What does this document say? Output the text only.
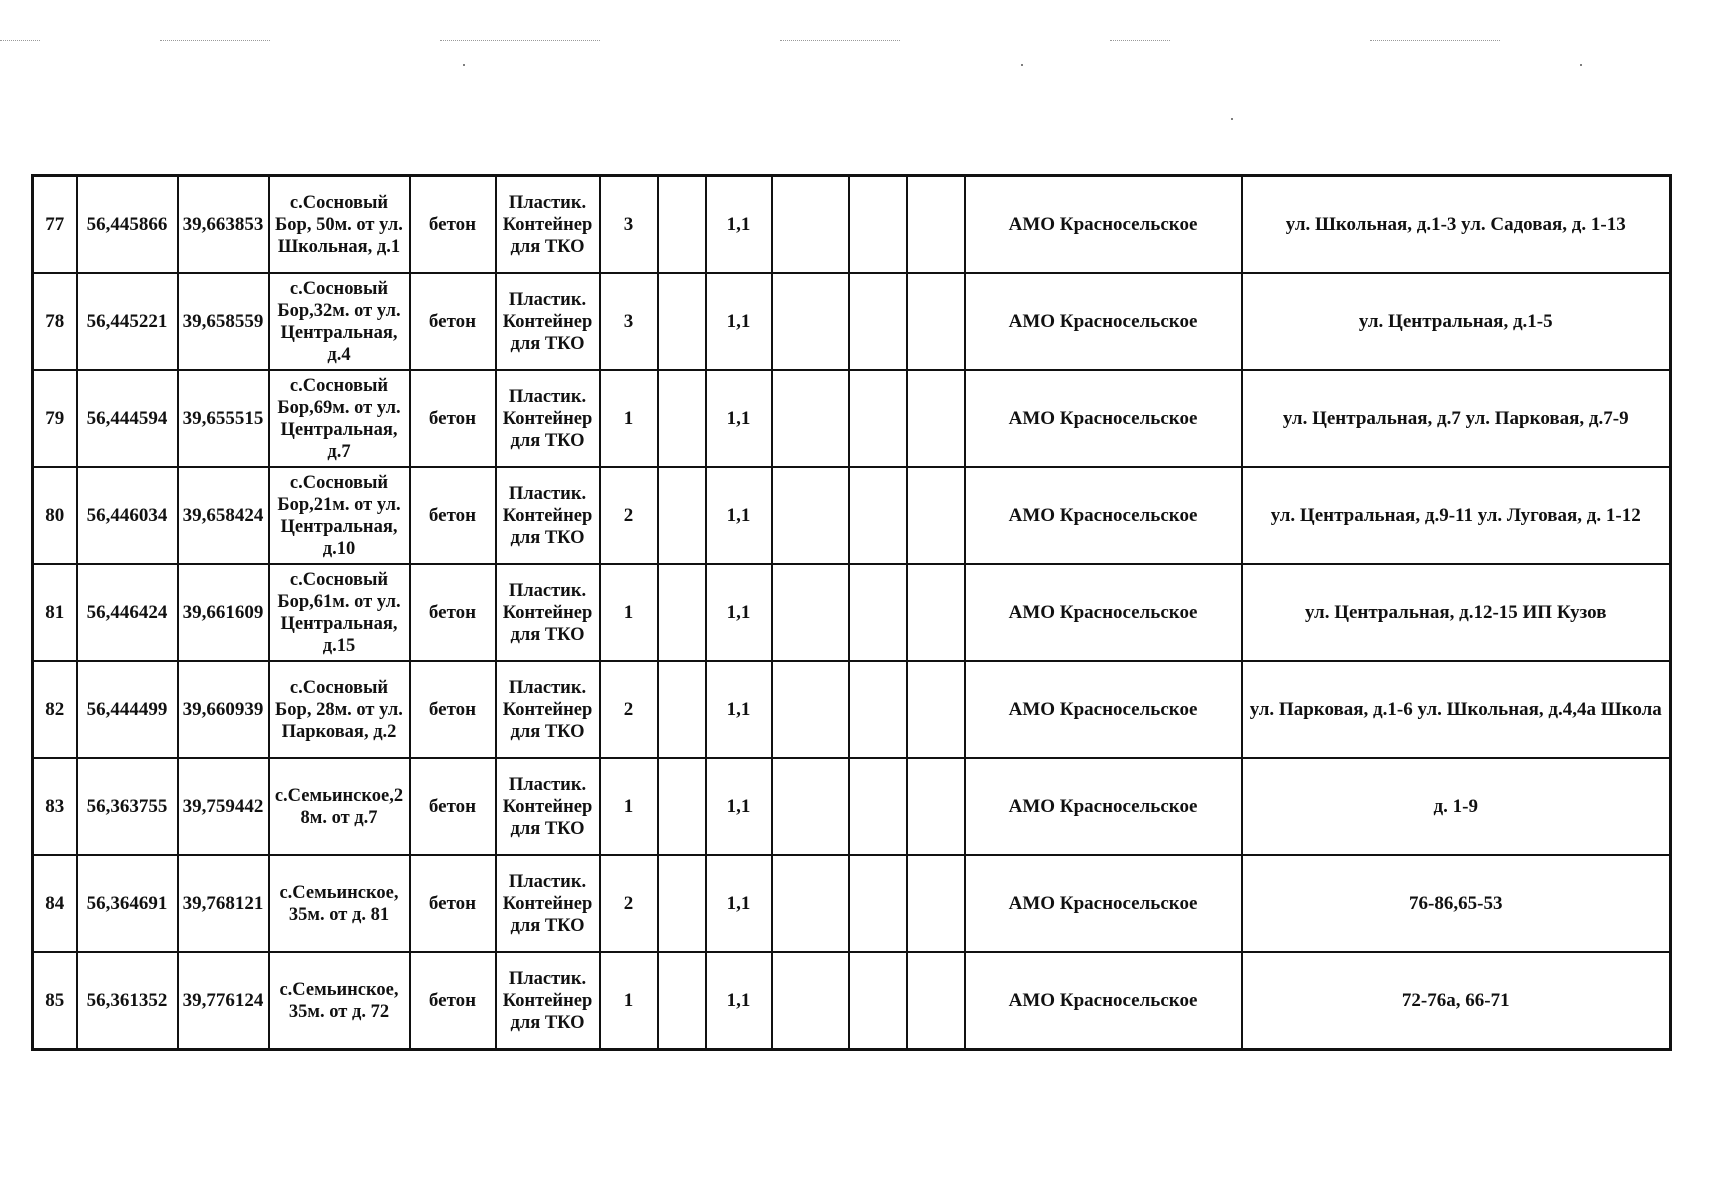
77	56,445866	39,663853	с.Сосновый Бор, 50м. от ул. Школьная, д.1	бетон	Пластик. Контейнер для ТКО	3		1,1				АМО Красносельское	ул. Школьная, д.1-3 ул. Садовая, д. 1-13
78	56,445221	39,658559	с.Сосновый Бор,32м. от ул. Центральная, д.4	бетон	Пластик. Контейнер для ТКО	3		1,1				АМО Красносельское	ул. Центральная, д.1-5
79	56,444594	39,655515	с.Сосновый Бор,69м. от ул. Центральная, д.7	бетон	Пластик. Контейнер для ТКО	1		1,1				АМО Красносельское	ул. Центральная, д.7 ул. Парковая, д.7-9
80	56,446034	39,658424	с.Сосновый Бор,21м. от ул. Центральная, д.10	бетон	Пластик. Контейнер для ТКО	2		1,1				АМО Красносельское	ул. Центральная, д.9-11 ул. Луговая, д. 1-12
81	56,446424	39,661609	с.Сосновый Бор,61м. от ул. Центральная, д.15	бетон	Пластик. Контейнер для ТКО	1		1,1				АМО Красносельское	ул. Центральная, д.12-15 ИП Кузов
82	56,444499	39,660939	с.Сосновый Бор, 28м. от ул. Парковая, д.2	бетон	Пластик. Контейнер для ТКО	2		1,1				АМО Красносельское	ул. Парковая, д.1-6 ул. Школьная, д.4,4а Школа
83	56,363755	39,759442	с.Семьинское,28м. от д.7	бетон	Пластик. Контейнер для ТКО	1		1,1				АМО Красносельское	д. 1-9
84	56,364691	39,768121	с.Семьинское, 35м. от д. 81	бетон	Пластик. Контейнер для ТКО	2		1,1				АМО Красносельское	76-86,65-53
85	56,361352	39,776124	с.Семьинское, 35м. от д. 72	бетон	Пластик. Контейнер для ТКО	1		1,1				АМО Красносельское	72-76а, 66-71
